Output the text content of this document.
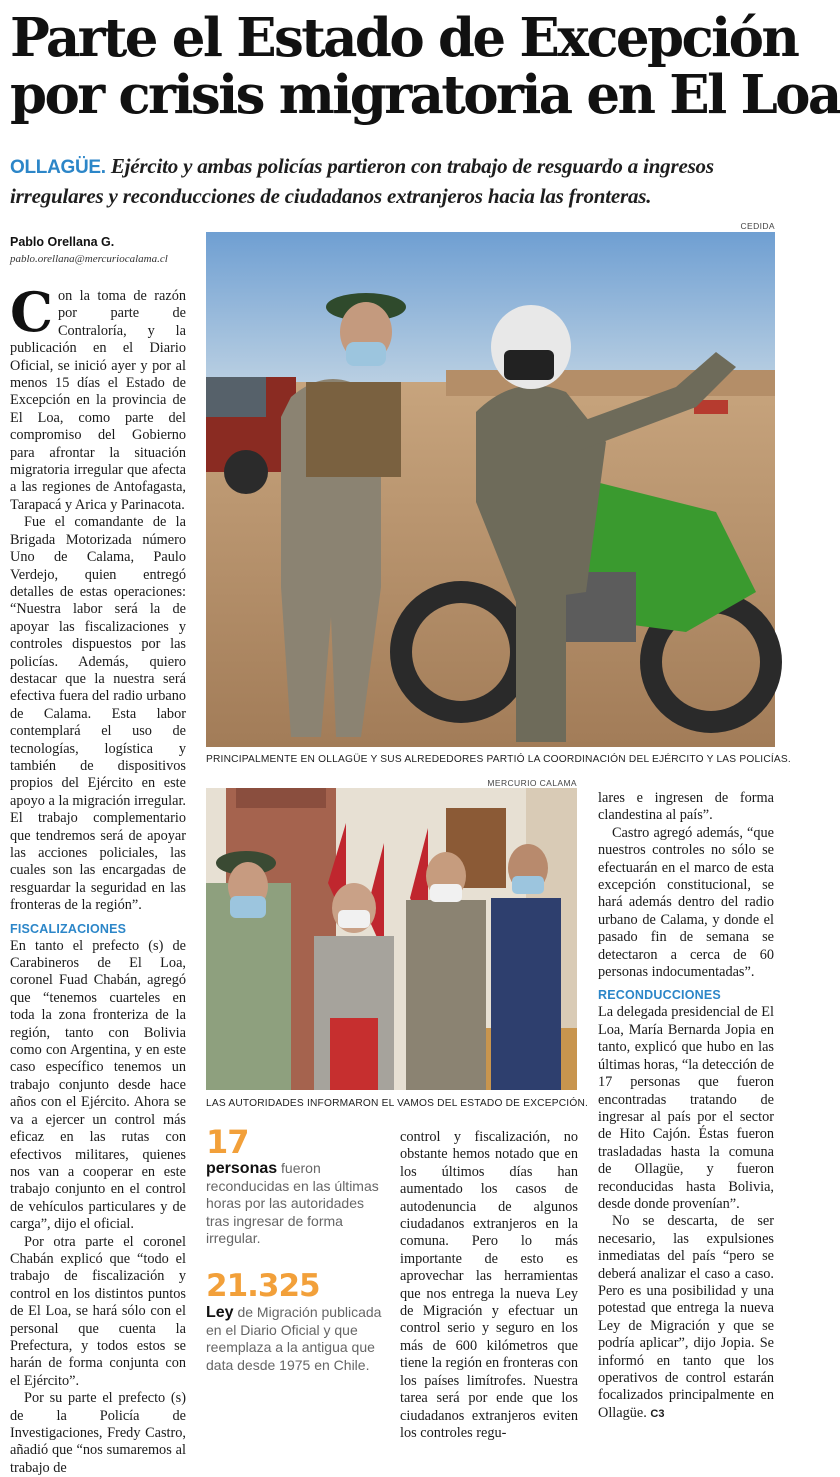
Parte el Estado de Excepción
por crisis migratoria en El Loa
OLLAGÜE. Ejército y ambas policías partieron con trabajo de resguardo a ingresos irregulares y reconducciones de ciudadanos extranjeros hacia las fronteras.
Pablo Orellana G.
pablo.orellana@mercuriocalama.cl

Con la toma de razón por parte de Contraloría, y la publicación en el Diario Oficial, se inició ayer y por al menos 15 días el Estado de Excepción en la provincia de El Loa, como parte del compromiso del Gobierno para afrontar la situación migratoria irregular que afecta a las regiones de Antofagasta, Tarapacá y Arica y Parinacota.

Fue el comandante de la Brigada Motorizada número Uno de Calama, Paulo Verdejo, quien entregó detalles de estas operaciones: “Nuestra labor será la de apoyar las fiscalizaciones y controles dispuestos por las policías. Además, quiero destacar que la nuestra será efectiva fuera del radio urbano de Calama. Esta labor contemplará el uso de tecnologías, logística y también de dispositivos propios del Ejército en este apoyo a la migración irregular. El trabajo complementario que tendremos será de apoyar las acciones policiales, las cuales son las encargadas de resguardar la seguridad en las fronteras de la región”.

FISCALIZACIONES

En tanto el prefecto (s) de Carabineros de El Loa, coronel Fuad Chabán, agregó que “tenemos cuarteles en toda la zona fronteriza de la región, tanto con Bolivia como con Argentina, y en este caso específico tenemos un trabajo conjunto desde hace años con el Ejército. Ahora se va a ejercer un control más eficaz en las rutas con efectivos militares, quienes nos van a cooperar en este trabajo conjunto en el control de vehículos particulares y de carga”, dijo el oficial.

Por otra parte el coronel Chabán explicó que “todo el trabajo de fiscalización y control en los distintos puntos de El Loa, se hará sólo con el personal que cuenta la Prefectura, y todos estos se harán de forma conjunta con el Ejército”.

Por su parte el prefecto (s) de la Policía de Investigaciones, Fredy Castro, añadió que “nos sumaremos al trabajo de

CEDIDA
PRINCIPALMENTE EN OLLAGÜE Y SUS ALREDEDORES PARTIÓ LA COORDINACIÓN DEL EJÉRCITO Y LAS POLICÍAS.
MERCURIO CALAMA
LAS AUTORIDADES INFORMARON EL VAMOS DEL ESTADO DE EXCEPCIÓN.
17
personas fueron reconducidas en las últimas horas por las autoridades tras ingresar de forma irregular.
21.325
Ley de Migración publicada en el Diario Oficial y que reemplaza a la antigua que data desde 1975 en Chile.

control y fiscalización, no obstante hemos notado que en los últimos días han aumentado los casos de autodenuncia de algunos ciudadanos extranjeros en la comuna. Pero lo más importante de esto es aprovechar las herramientas que nos entrega la nueva Ley de Migración y efectuar un control serio y seguro en los más de 600 kilómetros que tiene la región en fronteras con los países limítrofes. Nuestra tarea será por ende que los ciudadanos extranjeros eviten los controles regu-

lares e ingresen de forma clandestina al país”.

Castro agregó además, “que nuestros controles no sólo se efectuarán en el marco de esta excepción constitucional, se hará además dentro del radio urbano de Calama, y donde el pasado fin de semana se detectaron a cerca de 60 personas indocumentadas”.

RECONDUCCIONES

La delegada presidencial de El Loa, María Bernarda Jopia en tanto, explicó que hubo en las últimas horas, “la detección de 17 personas que fueron encontradas tratando de ingresar al país por el sector de Hito Cajón. Éstas fueron trasladadas hasta la comuna de Ollagüe, y fueron reconducidas hasta Bolivia, desde donde provenían”.

No se descarta, de ser necesario, las expulsiones inmediatas del país “pero se deberá analizar el caso a caso. Pero es una posibilidad y una potestad que entrega la nueva Ley de Migración y que se podría aplicar”, dijo Jopia. Se informó en tanto que los operativos de control estarán focalizados principalmente en Ollagüe. C3
